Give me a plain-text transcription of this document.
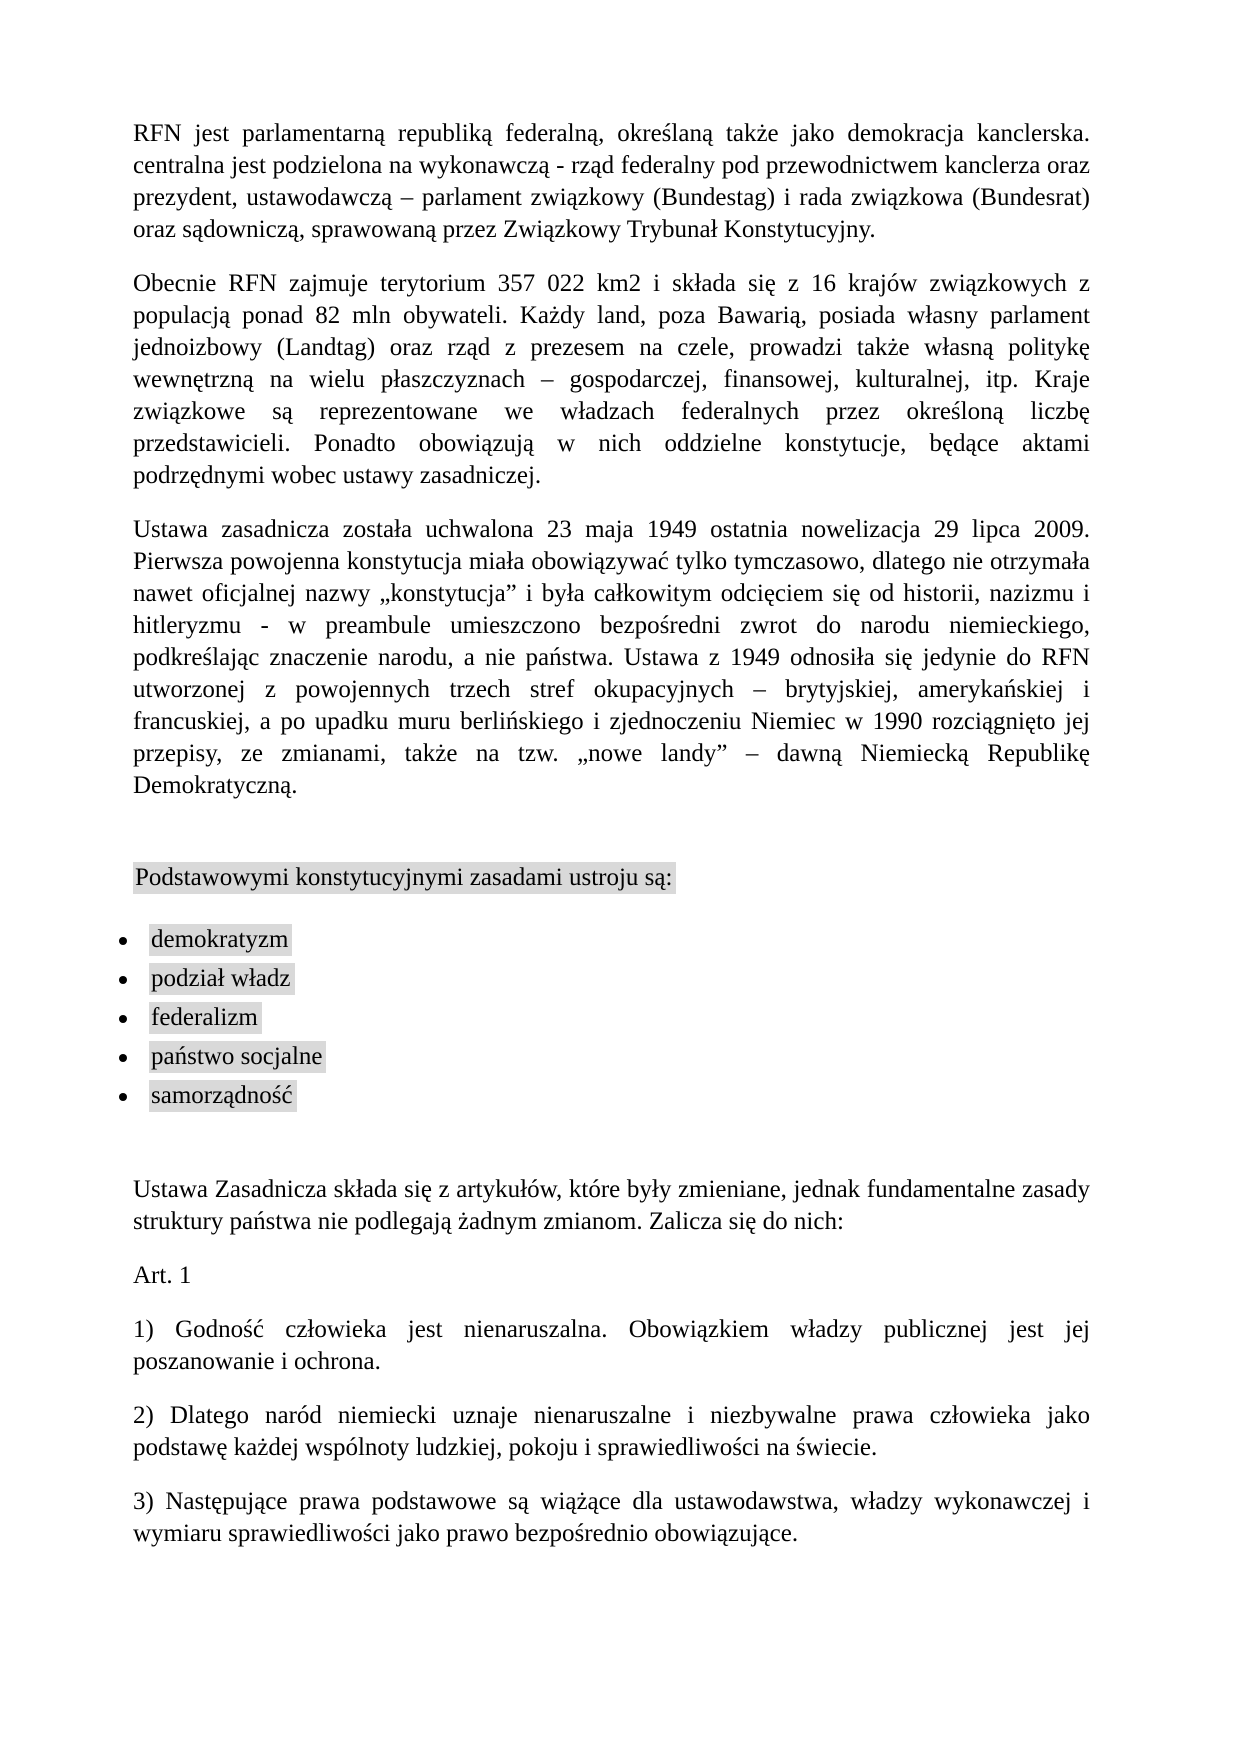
RFN jest parlamentarną republiką federalną, określaną także jako demokracja kanclerska. centralna jest podzielona na wykonawczą - rząd federalny pod przewodnictwem kanclerza oraz prezydent, ustawodawczą – parlament związkowy (Bundestag) i rada związkowa (Bundesrat) oraz sądowniczą, sprawowaną przez Związkowy Trybunał Konstytucyjny.

Obecnie RFN zajmuje terytorium 357 022 km2 i składa się z 16 krajów związkowych z populacją ponad 82 mln obywateli. Każdy land, poza Bawarią, posiada własny parlament jednoizbowy (Landtag) oraz rząd z prezesem na czele, prowadzi także własną politykę wewnętrzną na wielu płaszczyznach – gospodarczej, finansowej, kulturalnej, itp. Kraje związkowe są reprezentowane we władzach federalnych przez określoną liczbę przedstawicieli. Ponadto obowiązują w nich oddzielne konstytucje, będące aktami podrzędnymi wobec ustawy zasadniczej.

Ustawa zasadnicza została uchwalona 23 maja 1949 ostatnia nowelizacja 29 lipca 2009. Pierwsza powojenna konstytucja miała obowiązywać tylko tymczasowo, dlatego nie otrzymała nawet oficjalnej nazwy „konstytucja” i była całkowitym odcięciem się od historii, nazizmu i hitleryzmu - w preambule umieszczono bezpośredni zwrot do narodu niemieckiego, podkreślając znaczenie narodu, a nie państwa. Ustawa z 1949 odnosiła się jedynie do RFN utworzonej z powojennych trzech stref okupacyjnych – brytyjskiej, amerykańskiej i francuskiej, a po upadku muru berlińskiego i zjednoczeniu Niemiec w 1990 rozciągnięto jej przepisy, ze zmianami, także na tzw. „nowe landy” – dawną Niemiecką Republikę Demokratyczną.

Podstawowymi konstytucyjnymi zasadami ustroju są:

demokratyzm
podział władz
federalizm
państwo socjalne
samorządność

Ustawa Zasadnicza składa się z artykułów, które były zmieniane, jednak fundamentalne zasady struktury państwa nie podlegają żadnym zmianom. Zalicza się do nich:

Art. 1

1) Godność człowieka jest nienaruszalna. Obowiązkiem władzy publicznej jest jej poszanowanie i ochrona.

2) Dlatego naród niemiecki uznaje nienaruszalne i niezbywalne prawa człowieka jako podstawę każdej wspólnoty ludzkiej, pokoju i sprawiedliwości na świecie.

3) Następujące prawa podstawowe są wiążące dla ustawodawstwa, władzy wykonawczej i wymiaru sprawiedliwości jako prawo bezpośrednio obowiązujące.
